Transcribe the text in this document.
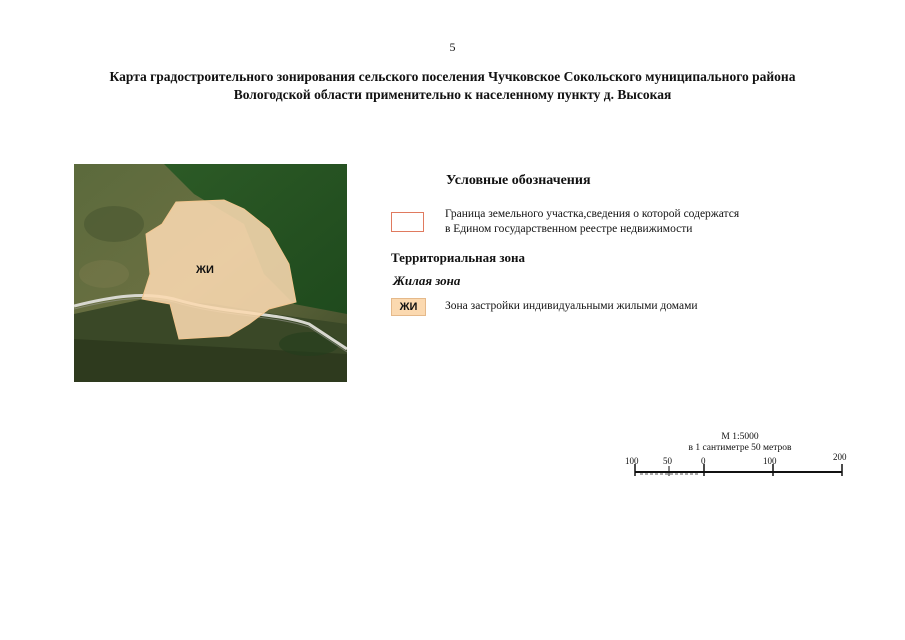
5
Карта градостроительного зонирования сельского поселения Чучковское Сокольского муниципального района
Вологодской области применительно к населенному пункту д. Высокая
ЖИ
Условные обозначения
Граница земельного участка,сведения о которой содержатся
в Едином государственном реестре недвижимости
Территориальная зона
Жилая зона
ЖИ	Зона застройки индивидуальными жилыми домами
М 1:5000
в 1 сантиметре 50 метров
100	50	0	100	200
